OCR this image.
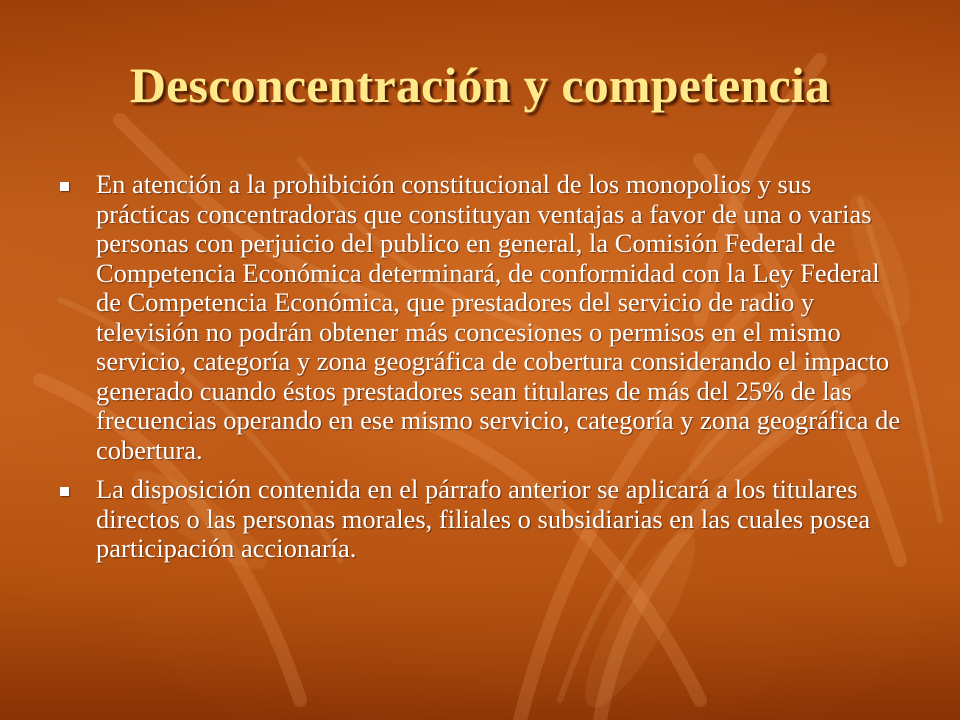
Desconcentración y competencia
En atención a la prohibición constitucional de los monopolios y sus prácticas concentradoras que constituyan ventajas a favor de una o varias personas con perjuicio del publico en general, la Comisión Federal de Competencia Económica determinará, de conformidad con la Ley Federal de Competencia Económica, que prestadores del servicio de radio y televisión no podrán obtener más concesiones o permisos en el mismo servicio, categoría y zona geográfica de cobertura considerando el impacto generado cuando éstos prestadores sean titulares de más del 25% de las frecuencias operando en ese mismo servicio, categoría y zona geográfica de cobertura.
La disposición contenida en el párrafo anterior se aplicará a los titulares directos o las personas morales, filiales o subsidiarias en las cuales posea participación accionaría.
